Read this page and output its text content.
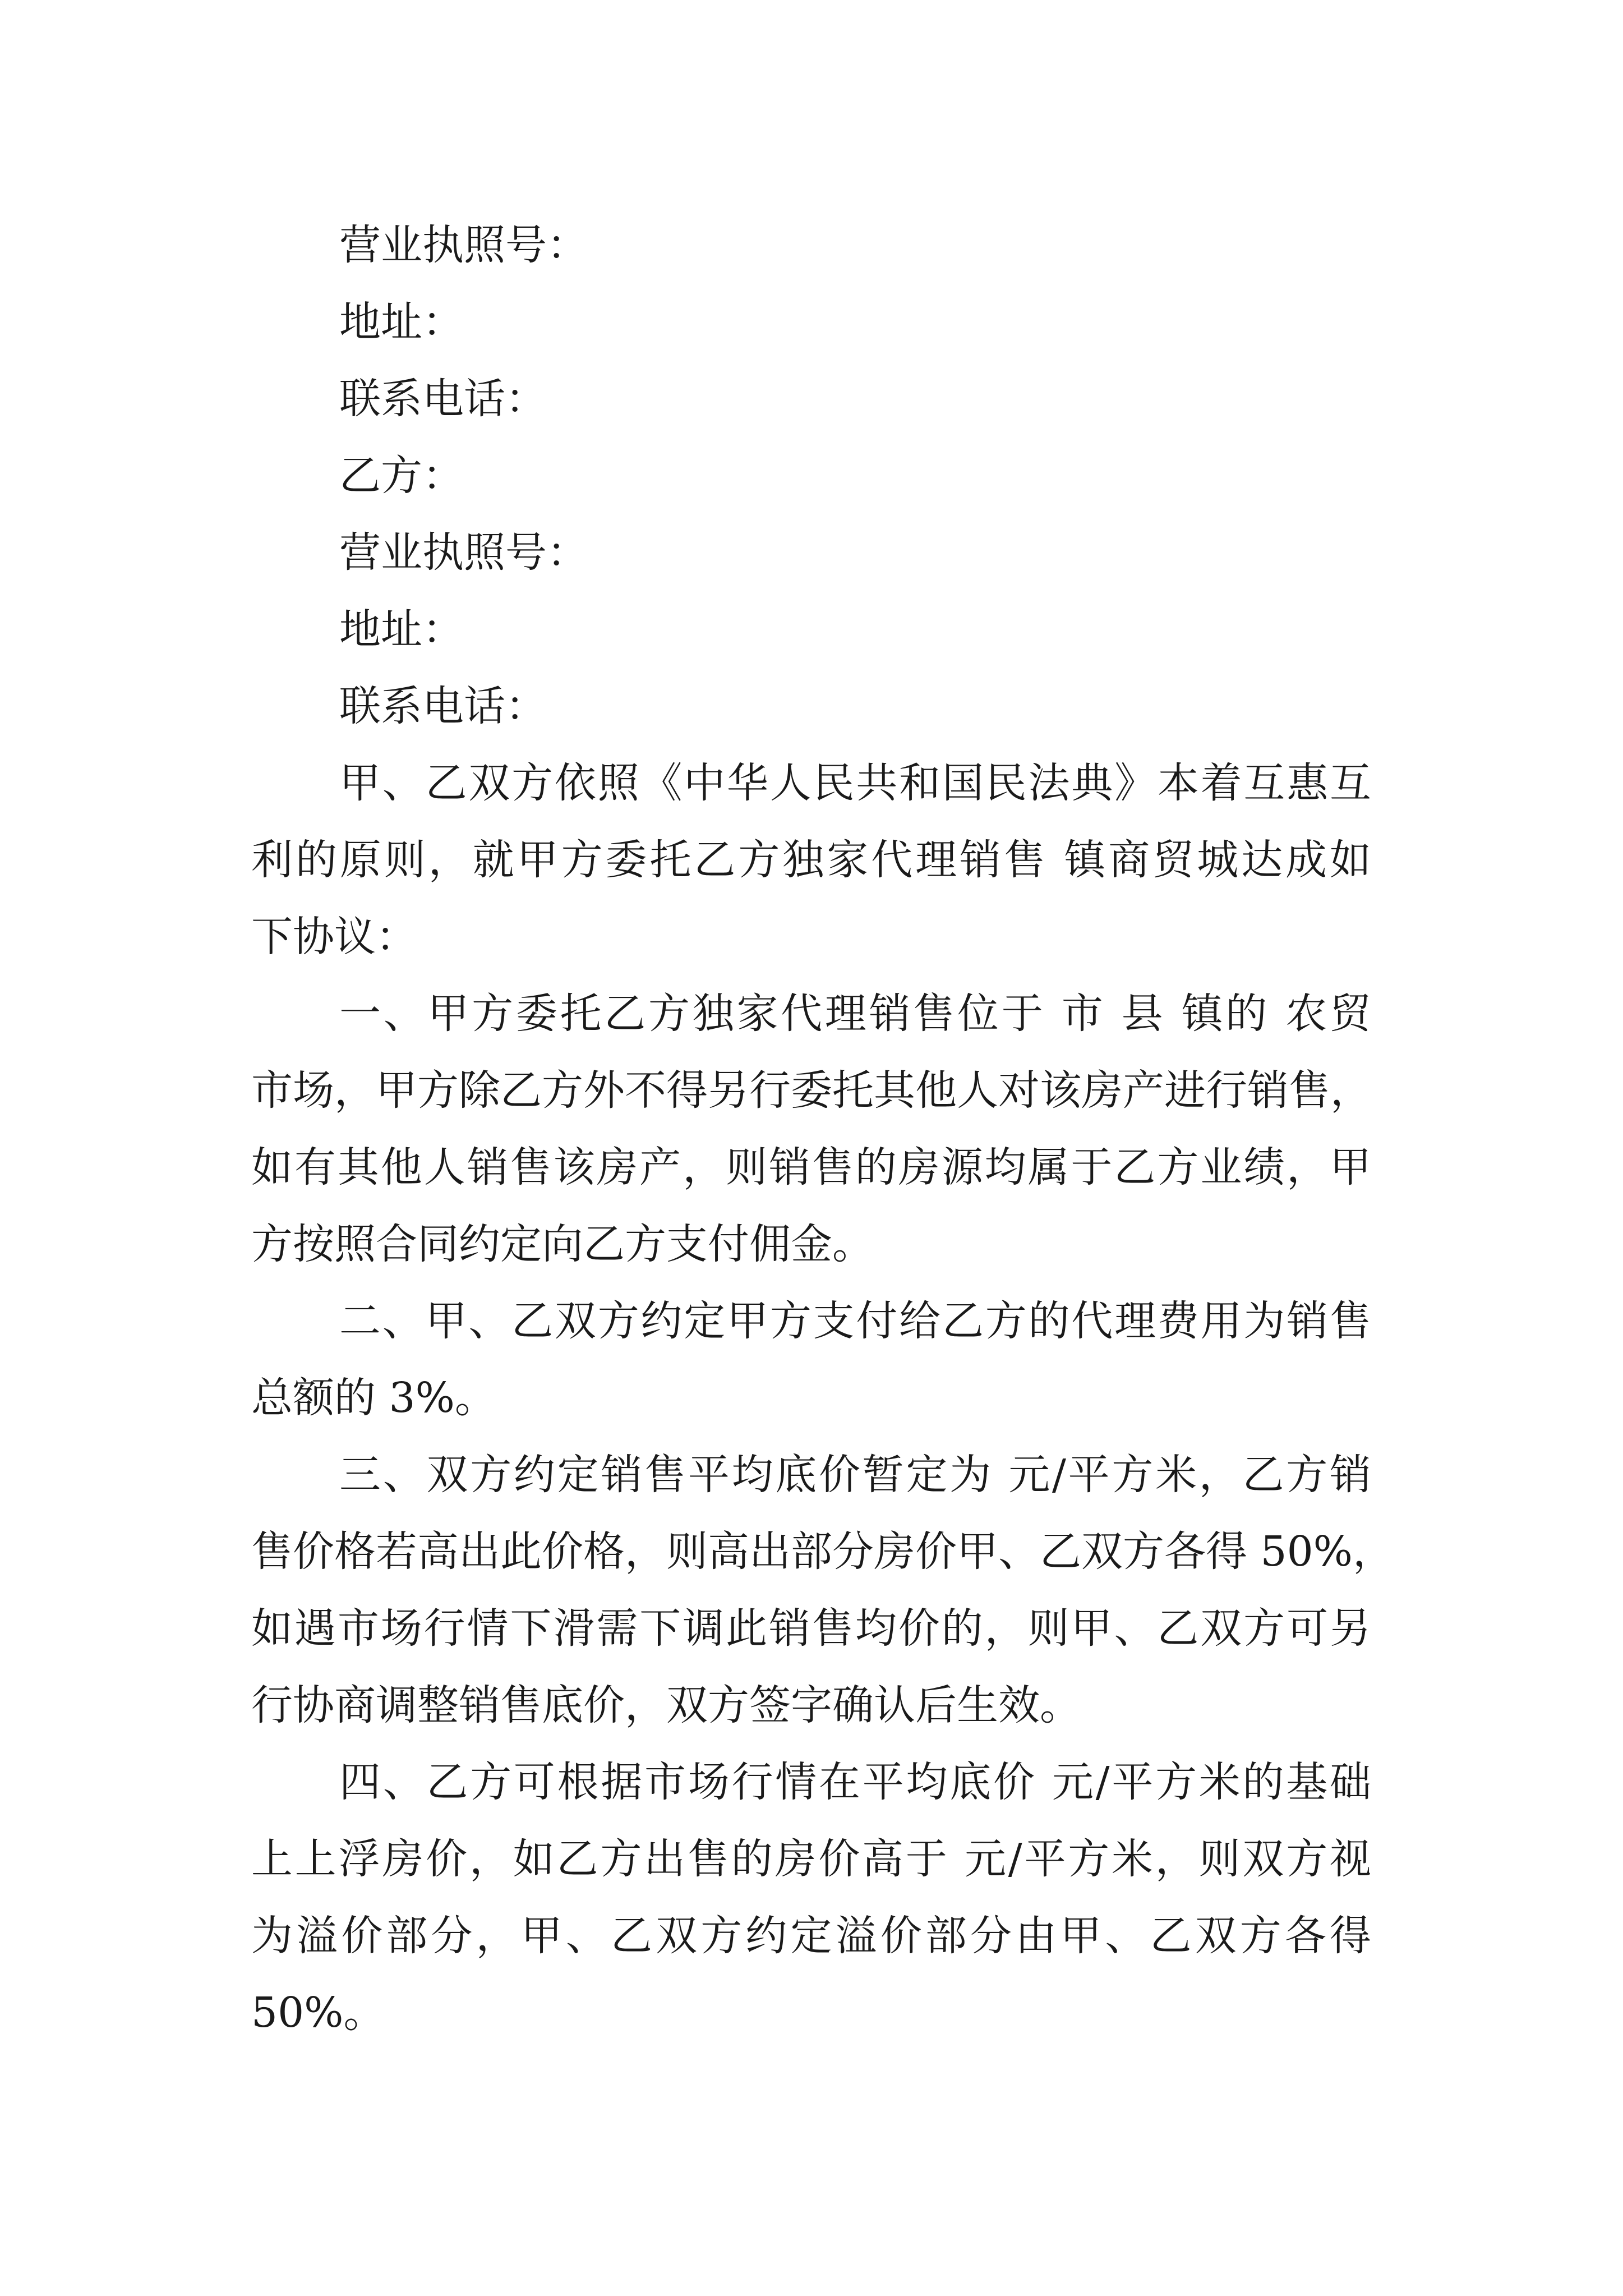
营业执照号：
地址：
联系电话：
乙方：
营业执照号：
地址：
联系电话：
甲、乙双方依照《中华人民共和国民法典》本着互惠互
利的原则，就甲方委托乙方独家代理销售 镇商贸城达成如
下协议：
一、甲方委托乙方独家代理销售位于 市 县 镇的 农贸
市场，甲方除乙方外不得另行委托其他人对该房产进行销售，
如有其他人销售该房产，则销售的房源均属于乙方业绩，甲
方按照合同约定向乙方支付佣金。
二、甲、乙双方约定甲方支付给乙方的代理费用为销售
总额的 3%。
三、双方约定销售平均底价暂定为 元/平方米，乙方销
售价格若高出此价格，则高出部分房价甲、乙双方各得 50%，
如遇市场行情下滑需下调此销售均价的，则甲、乙双方可另
行协商调整销售底价，双方签字确认后生效。
四、乙方可根据市场行情在平均底价 元/平方米的基础
上上浮房价，如乙方出售的房价高于 元/平方米，则双方视
为溢价部分，甲、乙双方约定溢价部分由甲、乙双方各得
50%。
